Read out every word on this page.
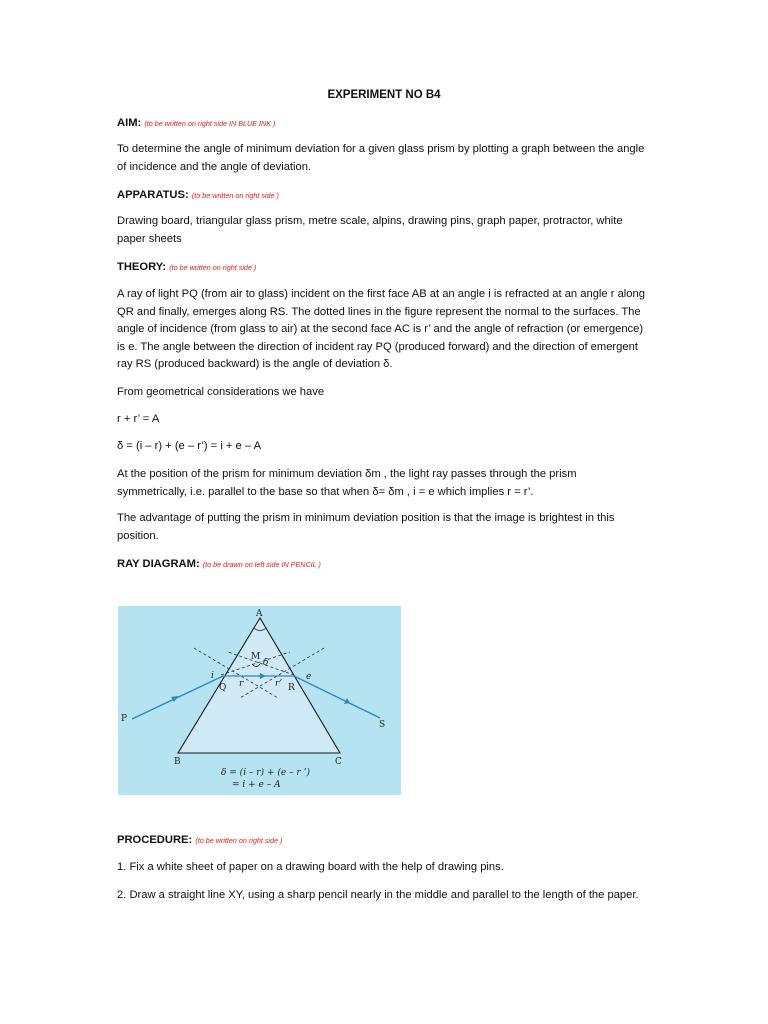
EXPERIMENT NO B4
AIM: (to be written on right side IN BLUE INK )
To determine the angle of minimum deviation for a given glass prism by plotting a graph between the angle of incidence and the angle of deviation.
APPARATUS: (to be written on right side )
Drawing board, triangular glass prism, metre scale, alpins, drawing pins, graph paper, protractor, white paper sheets
THEORY: (to be written on right side )
A ray of light PQ (from air to glass) incident on the first face AB at an angle i is refracted at an angle r along QR and finally, emerges along RS. The dotted lines in the figure represent the normal to the surfaces. The angle of incidence (from glass to air) at the second face AC is r’ and the angle of refraction (or emergence) is e. The angle between the direction of incident ray PQ (produced forward) and the direction of emergent ray RS (produced backward) is the angle of deviation δ.
From geometrical considerations we have
r + r’ = A
δ = (i – r) + (e – r’) = i + e – A
At the position of the prism for minimum deviation δm , the light ray passes through the prism symmetrically, i.e. parallel to the base so that when δ= δm , i = e which implies r = r’.
The advantage of putting the prism in minimum deviation position is that the image is brightest in this position.
RAY DIAGRAM: (to be drawn on left side IN PENCIL )
A
B	C
M
δ
Q	R
P
S
i	e
r	r’
δ = (i – r) + (e – r ’)
= i + e – A
PROCEDURE: (to be written on right side )
1. Fix a white sheet of paper on a drawing board with the help of drawing pins.
2. Draw a straight line XY, using a sharp pencil nearly in the middle and parallel to the length of the paper.
